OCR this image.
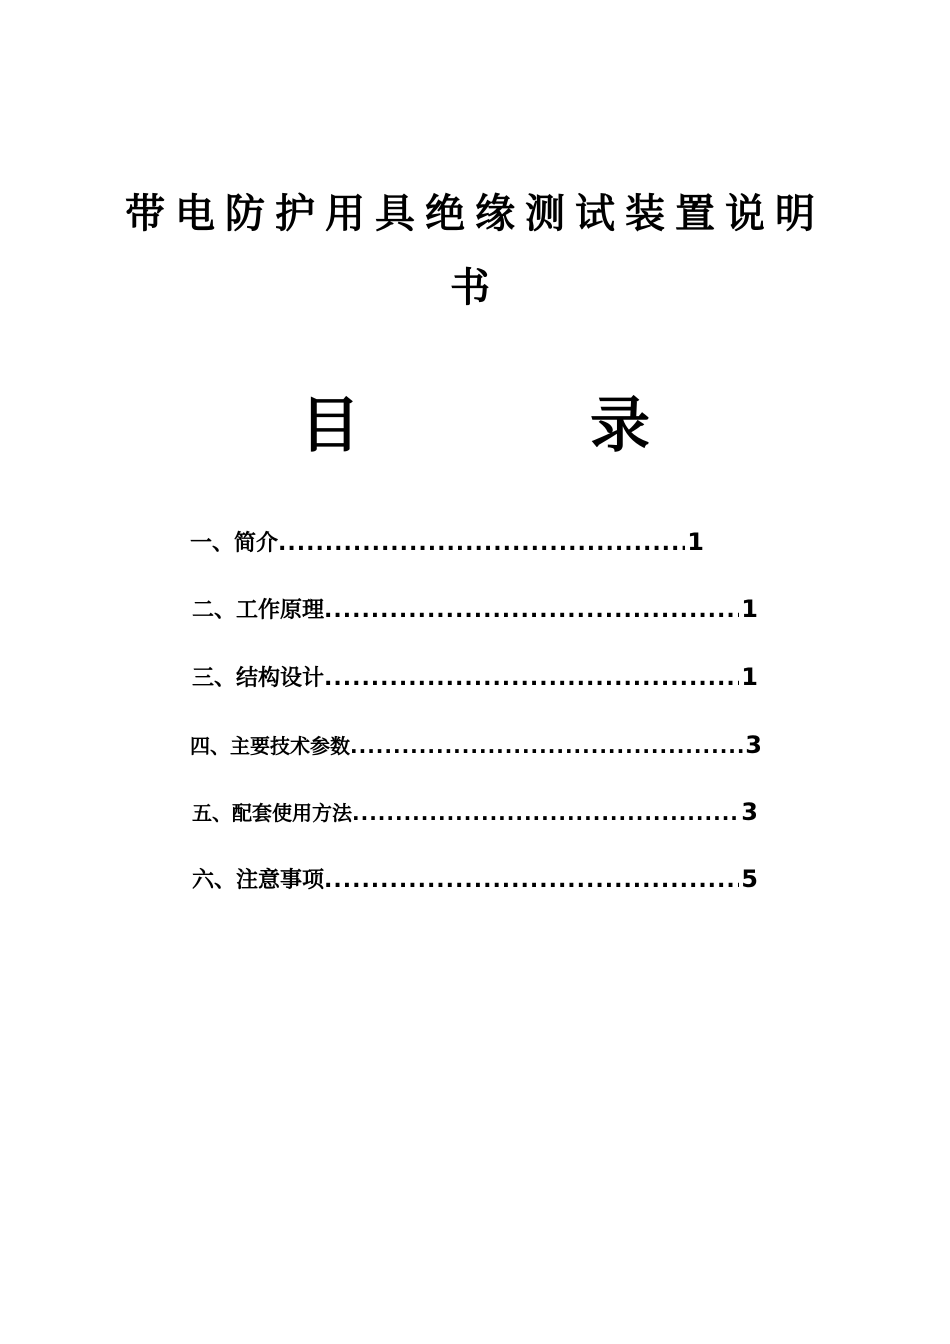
带电防护用具绝缘测试装置说明
书
目	录
一、简介 .....	1
二、工作原理 .....	1
三、结构设计 .....	1
四、主要技术参数 .....	3
五、配套使用方法 .....	3
六、注意事项 .....	5
